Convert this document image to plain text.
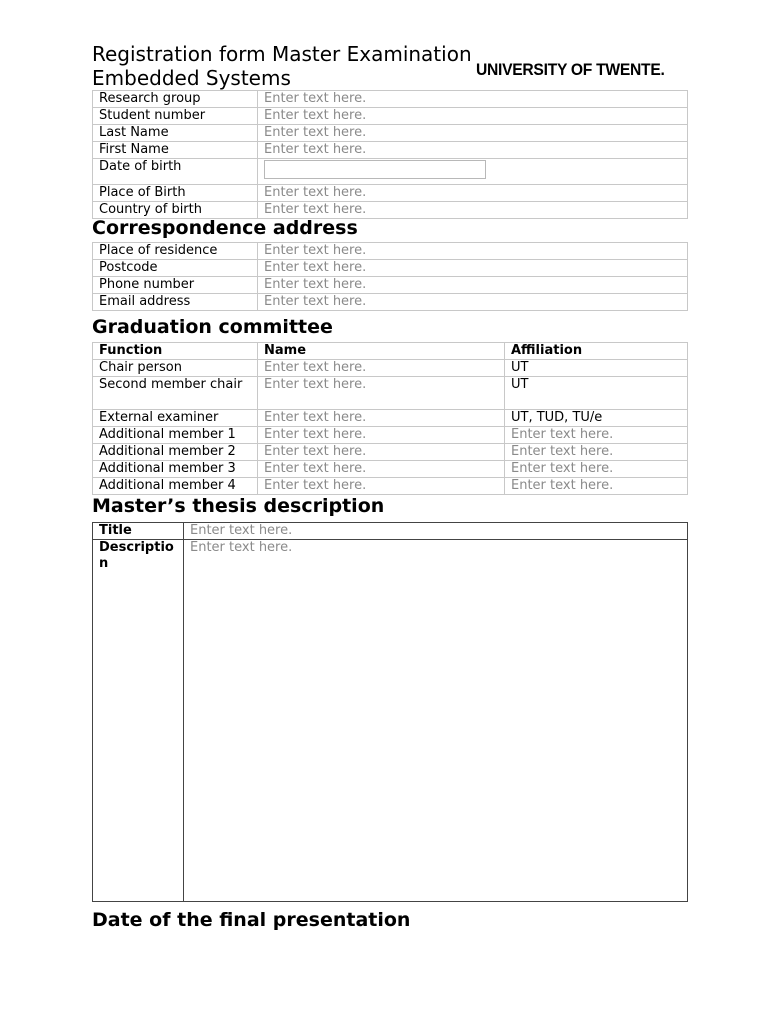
Registration form Master Examination
Embedded Systems	UNIVERSITY OF TWENTE.
Research group	Enter text here.
Student number	Enter text here.
Last Name	Enter text here.
First Name	Enter text here.
Date of birth	
Place of Birth	Enter text here.
Country of birth	Enter text here.
Correspondence address
Place of residence	Enter text here.
Postcode	Enter text here.
Phone number	Enter text here.
Email address	Enter text here.
Graduation committee
Function	Name	Affiliation
Chair person	Enter text here.	UT
Second member chair	Enter text here.	UT
External examiner	Enter text here.	UT, TUD, TU/e
Additional member 1	Enter text here.	Enter text here.
Additional member 2	Enter text here.	Enter text here.
Additional member 3	Enter text here.	Enter text here.
Additional member 4	Enter text here.	Enter text here.
Master’s thesis description
Title	Enter text here.
Description	Enter text here.
Date of the final presentation
